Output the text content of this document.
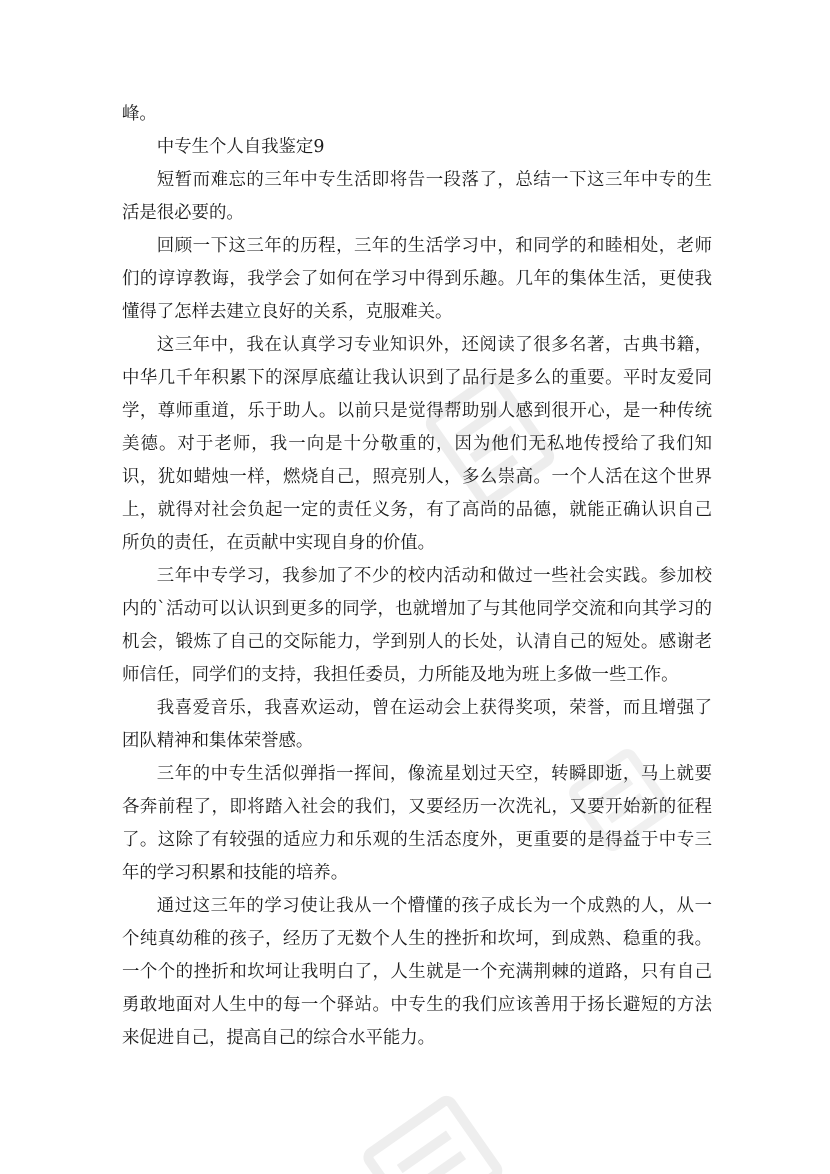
峰。

中专生个人自我鉴定9

短暂而难忘的三年中专生活即将告一段落了，总结一下这三年中专的生活是很必要的。

回顾一下这三年的历程，三年的生活学习中，和同学的和睦相处，老师们的谆谆教诲，我学会了如何在学习中得到乐趣。几年的集体生活，更使我懂得了怎样去建立良好的关系，克服难关。

这三年中，我在认真学习专业知识外，还阅读了很多名著，古典书籍，中华几千年积累下的深厚底蕴让我认识到了品行是多么的重要。平时友爱同学，尊师重道，乐于助人。以前只是觉得帮助别人感到很开心，是一种传统美德。对于老师，我一向是十分敬重的，因为他们无私地传授给了我们知识，犹如蜡烛一样，燃烧自己，照亮别人，多么崇高。一个人活在这个世界上，就得对社会负起一定的责任义务，有了高尚的品德，就能正确认识自己所负的责任，在贡献中实现自身的价值。

三年中专学习，我参加了不少的校内活动和做过一些社会实践。参加校内的`活动可以认识到更多的同学，也就增加了与其他同学交流和向其学习的机会，锻炼了自己的交际能力，学到别人的长处，认清自己的短处。感谢老师信任，同学们的支持，我担任委员，力所能及地为班上多做一些工作。

我喜爱音乐，我喜欢运动，曾在运动会上获得奖项，荣誉，而且增强了团队精神和集体荣誉感。

三年的中专生活似弹指一挥间，像流星划过天空，转瞬即逝，马上就要各奔前程了，即将踏入社会的我们，又要经历一次洗礼，又要开始新的征程了。这除了有较强的适应力和乐观的生活态度外，更重要的是得益于中专三年的学习积累和技能的培养。

通过这三年的学习使让我从一个懵懂的孩子成长为一个成熟的人，从一个纯真幼稚的孩子，经历了无数个人生的挫折和坎坷，到成熟、稳重的我。一个个的挫折和坎坷让我明白了，人生就是一个充满荆棘的道路，只有自己勇敢地面对人生中的每一个驿站。中专生的我们应该善用于扬长避短的方法来促进自己，提高自己的综合水平能力。
